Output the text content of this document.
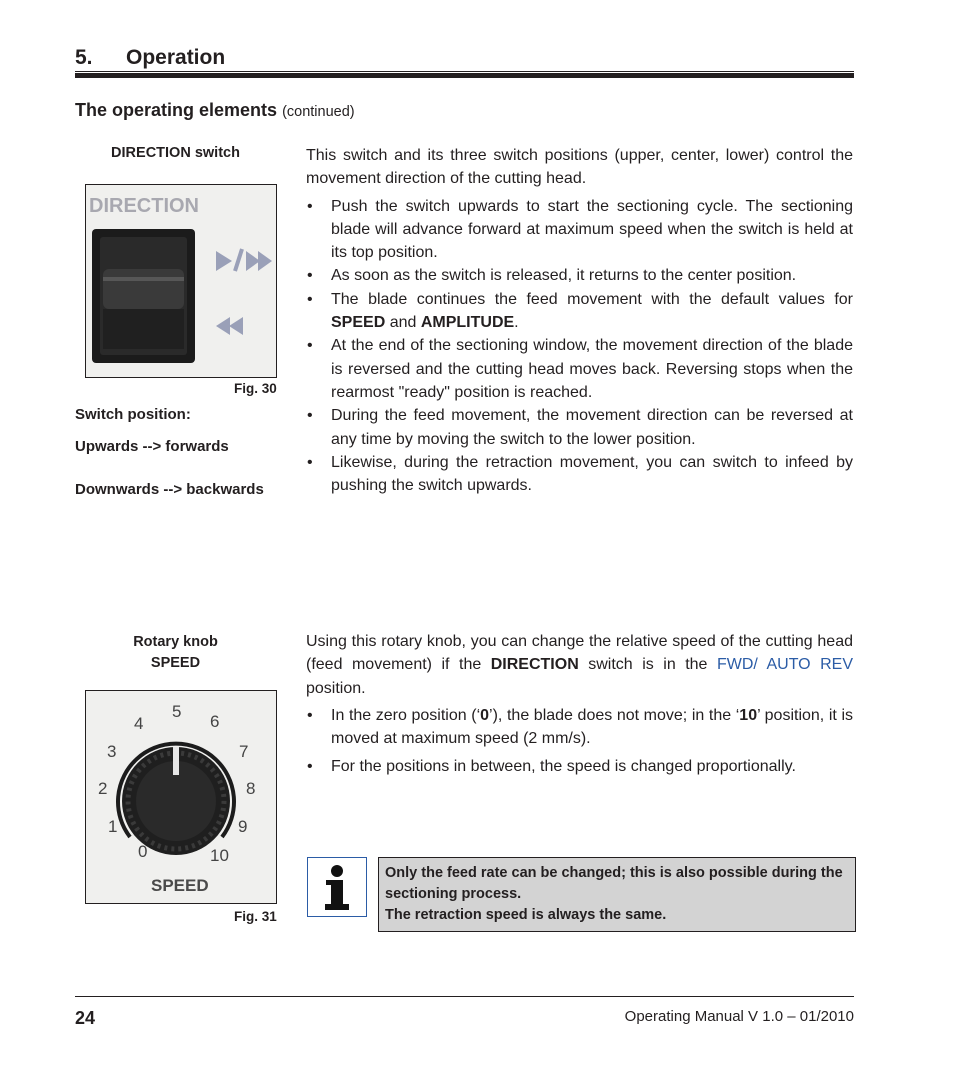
5. Operation
The operating elements (continued)
DIRECTION switch
DIRECTION
Fig. 30
Switch position:
Upwards --> forwards
Downwards --> backwards

This switch and its three switch positions (upper, center, lower) control the movement direction of the cutting head.

• Push the switch upwards to start the sectioning cycle. The sectioning blade will advance forward at maximum speed when the switch is held at its top position.
• As soon as the switch is released, it returns to the center position.
• The blade continues the feed movement with the default values for SPEED and AMPLITUDE.
• At the end of the sectioning window, the movement direction of the blade is reversed and the cutting head moves back. Reversing stops when the rearmost "ready" position is reached.
• During the feed movement, the movement direction can be reversed at any time by moving the switch to the lower position.
• Likewise, during the retraction movement, you can switch to infeed by pushing the switch upwards.
Rotary knob
SPEED
0
1
2
3
4
5
6
7
8
9
10
SPEED
Fig. 31

Using this rotary knob, you can change the relative speed of the cutting head (feed movement) if the DIRECTION switch is in the FWD/ AUTO REV position.

• In the zero position (‘0’), the blade does not move; in the ‘10’ position, it is moved at maximum speed (2 mm/s).
• For the positions in between, the speed is changed proportionally.
Only the feed rate can be changed; this is also possible during the sectioning process.
The retraction speed is always the same.
24	Operating Manual V 1.0 – 01/2010
